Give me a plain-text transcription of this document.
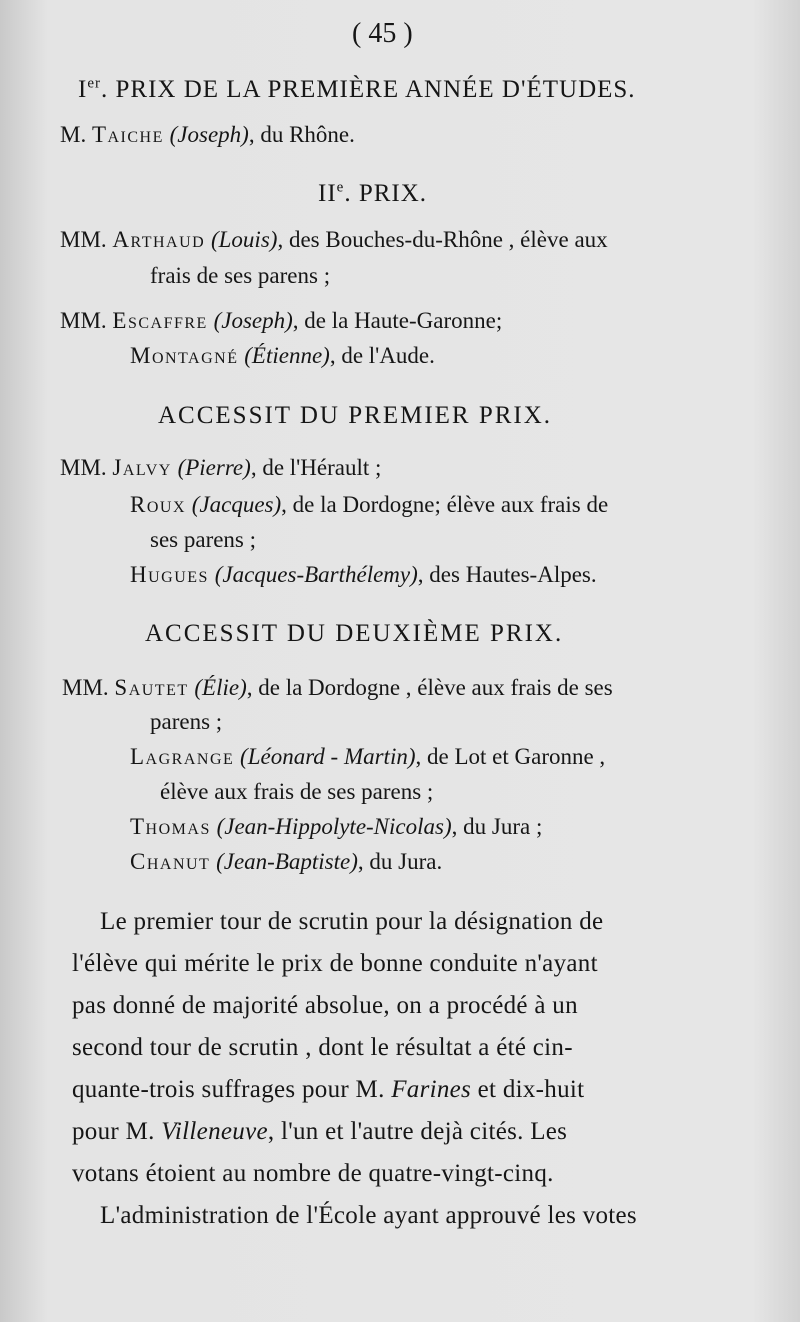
( 45 )
Ier. PRIX DE LA PREMIÈRE ANNÉE D'ÉTUDES.
M. Taiche (Joseph), du Rhône.
IIe. PRIX.
MM. Arthaud (Louis), des Bouches-du-Rhône , élève aux
frais de ses parens ;
MM. Escaffre (Joseph), de la Haute-Garonne;
Montagné (Étienne), de l'Aude.
ACCESSIT DU PREMIER PRIX.
MM. Jalvy (Pierre), de l'Hérault ;
Roux (Jacques), de la Dordogne; élève aux frais de
ses parens ;
Hugues (Jacques-Barthélemy), des Hautes-Alpes.
ACCESSIT DU DEUXIÈME PRIX.
MM. Sautet (Élie), de la Dordogne , élève aux frais de ses
parens ;
Lagrange (Léonard - Martin), de Lot et Garonne ,
élève aux frais de ses parens ;
Thomas (Jean-Hippolyte-Nicolas), du Jura ;
Chanut (Jean-Baptiste), du Jura.
Le premier tour de scrutin pour la désignation de
l'élève qui mérite le prix de bonne conduite n'ayant
pas donné de majorité absolue, on a procédé à un
second tour de scrutin , dont le résultat a été cin-
quante-trois suffrages pour M. Farines et dix-huit
pour M. Villeneuve, l'un et l'autre dejà cités. Les
votans étoient au nombre de quatre-vingt-cinq.
L'administration de l'École ayant approuvé les votes
